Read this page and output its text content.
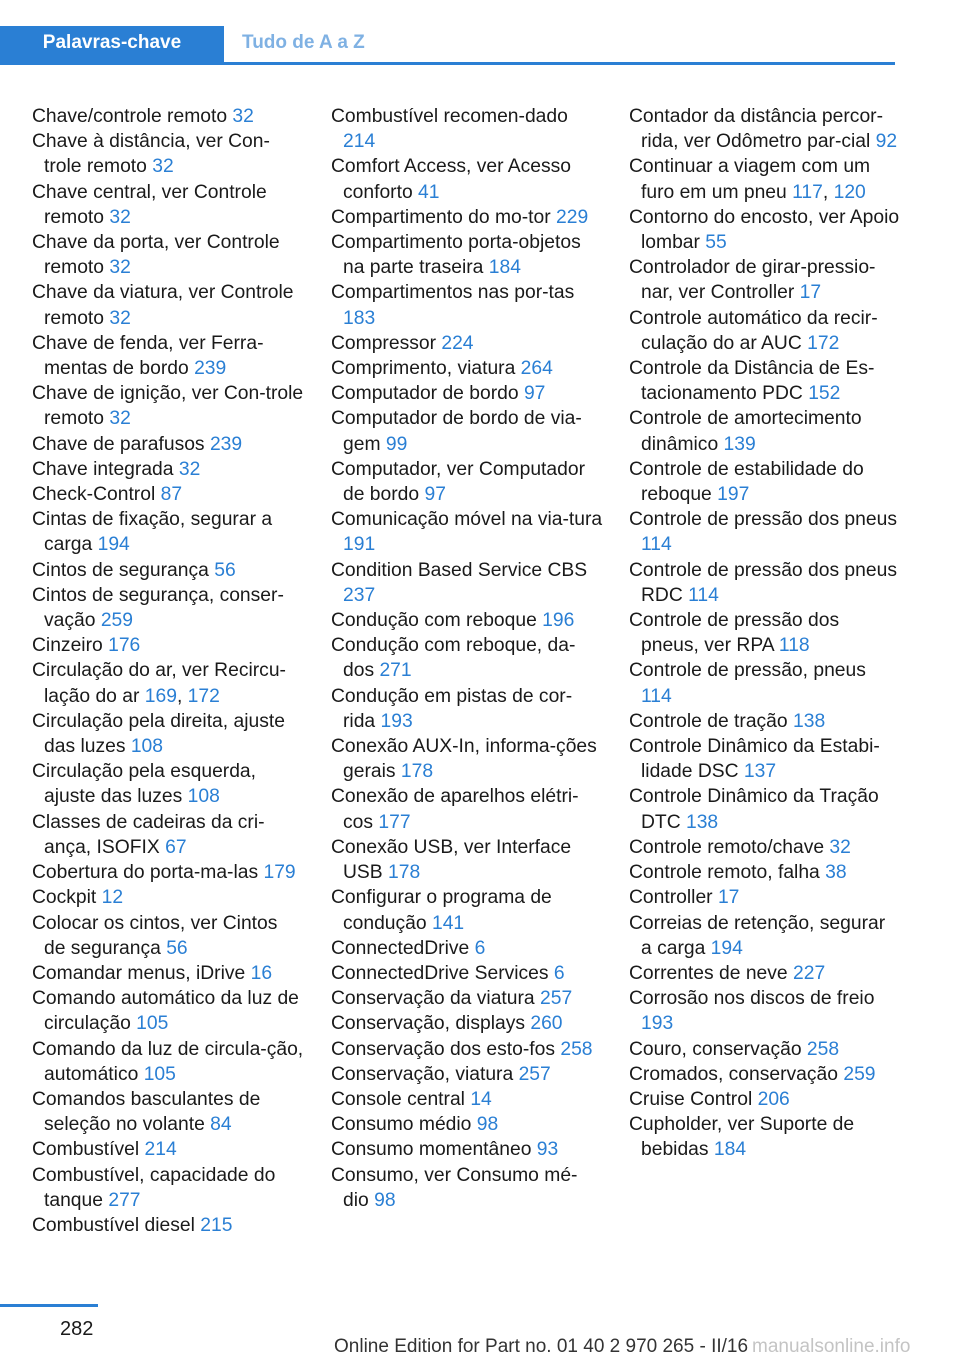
Palavras-chave	Tudo de A a Z
Chave/controle remoto 32
Chave à distância, ver Con-trole remoto 32
Chave central, ver Controle remoto 32
Chave da porta, ver Controle remoto 32
Chave da viatura, ver Controle remoto 32
Chave de fenda, ver Ferra-mentas de bordo 239
Chave de ignição, ver Con-trole remoto 32
Chave de parafusos 239
Chave integrada 32
Check-Control 87
Cintas de fixação, segurar a carga 194
Cintos de segurança 56
Cintos de segurança, conser-vação 259
Cinzeiro 176
Circulação do ar, ver Recircu-lação do ar 169, 172
Circulação pela direita, ajuste das luzes 108
Circulação pela esquerda, ajuste das luzes 108
Classes de cadeiras da cri-ança, ISOFIX 67
Cobertura do porta-ma-las 179
Cockpit 12
Colocar os cintos, ver Cintos de segurança 56
Comandar menus, iDrive 16
Comando automático da luz de circulação 105
Comando da luz de circula-ção, automático 105
Comandos basculantes de seleção no volante 84
Combustível 214
Combustível, capacidade do tanque 277
Combustível diesel 215
Combustível recomen-dado 214
Comfort Access, ver Acesso conforto 41
Compartimento do mo-tor 229
Compartimento porta-objetos na parte traseira 184
Compartimentos nas por-tas 183
Compressor 224
Comprimento, viatura 264
Computador de bordo 97
Computador de bordo de via-gem 99
Computador, ver Computador de bordo 97
Comunicação móvel na via-tura 191
Condition Based Service CBS 237
Condução com reboque 196
Condução com reboque, da-dos 271
Condução em pistas de cor-rida 193
Conexão AUX-In, informa-ções gerais 178
Conexão de aparelhos elétri-cos 177
Conexão USB, ver Interface USB 178
Configurar o programa de condução 141
ConnectedDrive 6
ConnectedDrive Services 6
Conservação da viatura 257
Conservação, displays 260
Conservação dos esto-fos 258
Conservação, viatura 257
Console central 14
Consumo médio 98
Consumo momentâneo 93
Consumo, ver Consumo mé-dio 98
Contador da distância percor-rida, ver Odômetro par-cial 92
Continuar a viagem com um furo em um pneu 117, 120
Contorno do encosto, ver Apoio lombar 55
Controlador de girar-pressio-nar, ver Controller 17
Controle automático da recir-culação do ar AUC 172
Controle da Distância de Es-tacionamento PDC 152
Controle de amortecimento dinâmico 139
Controle de estabilidade do reboque 197
Controle de pressão dos pneus 114
Controle de pressão dos pneus RDC 114
Controle de pressão dos pneus, ver RPA 118
Controle de pressão, pneus 114
Controle de tração 138
Controle Dinâmico da Estabi-lidade DSC 137
Controle Dinâmico da Tração DTC 138
Controle remoto/chave 32
Controle remoto, falha 38
Controller 17
Correias de retenção, segurar a carga 194
Correntes de neve 227
Corrosão nos discos de freio 193
Couro, conservação 258
Cromados, conservação 259
Cruise Control 206
Cupholder, ver Suporte de bebidas 184
282
Online Edition for Part no. 01 40 2 970 265 - II/16 manualsonline.info
